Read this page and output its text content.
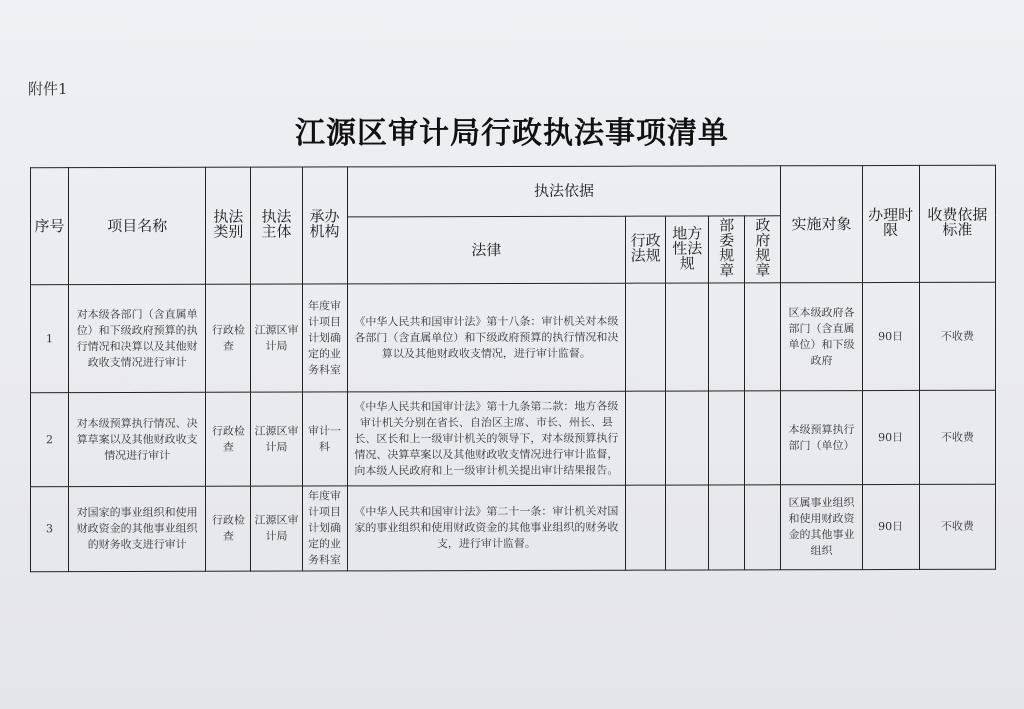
附件1
江源区审计局行政执法事项清单
序号	项目名称	执法类别	执法主体	承办机构	执法依据					实施对象	办理时限	收费依据标准
					法律	行政法规	地方性法规	部委规章	政府规章			
1	对本级各部门（含直属单位）和下级政府预算的执行情况和决算以及其他财政收支情况进行审计	行政检查	江源区审计局	年度审计项目计划确定的业务科室	《中华人民共和国审计法》第十八条：审计机关对本级各部门（含直属单位）和下级政府预算的执行情况和决算以及其他财政收支情况，进行审计监督。					区本级政府各部门（含直属单位）和下级政府	90日	不收费
2	对本级预算执行情况、决算草案以及其他财政收支情况进行审计	行政检查	江源区审计局	审计一科	《中华人民共和国审计法》第十九条第二款：地方各级审计机关分别在省长、自治区主席、市长、州长、县长、区长和上一级审计机关的领导下，对本级预算执行情况、决算草案以及其他财政收支情况进行审计监督，向本级人民政府和上一级审计机关提出审计结果报告。					本级预算执行部门（单位）	90日	不收费
3	对国家的事业组织和使用财政资金的其他事业组织的财务收支进行审计	行政检查	江源区审计局	年度审计项目计划确定的业务科室	《中华人民共和国审计法》第二十一条：审计机关对国家的事业组织和使用财政资金的其他事业组织的财务收支，进行审计监督。					区属事业组织和使用财政资金的其他事业组织	90日	不收费
